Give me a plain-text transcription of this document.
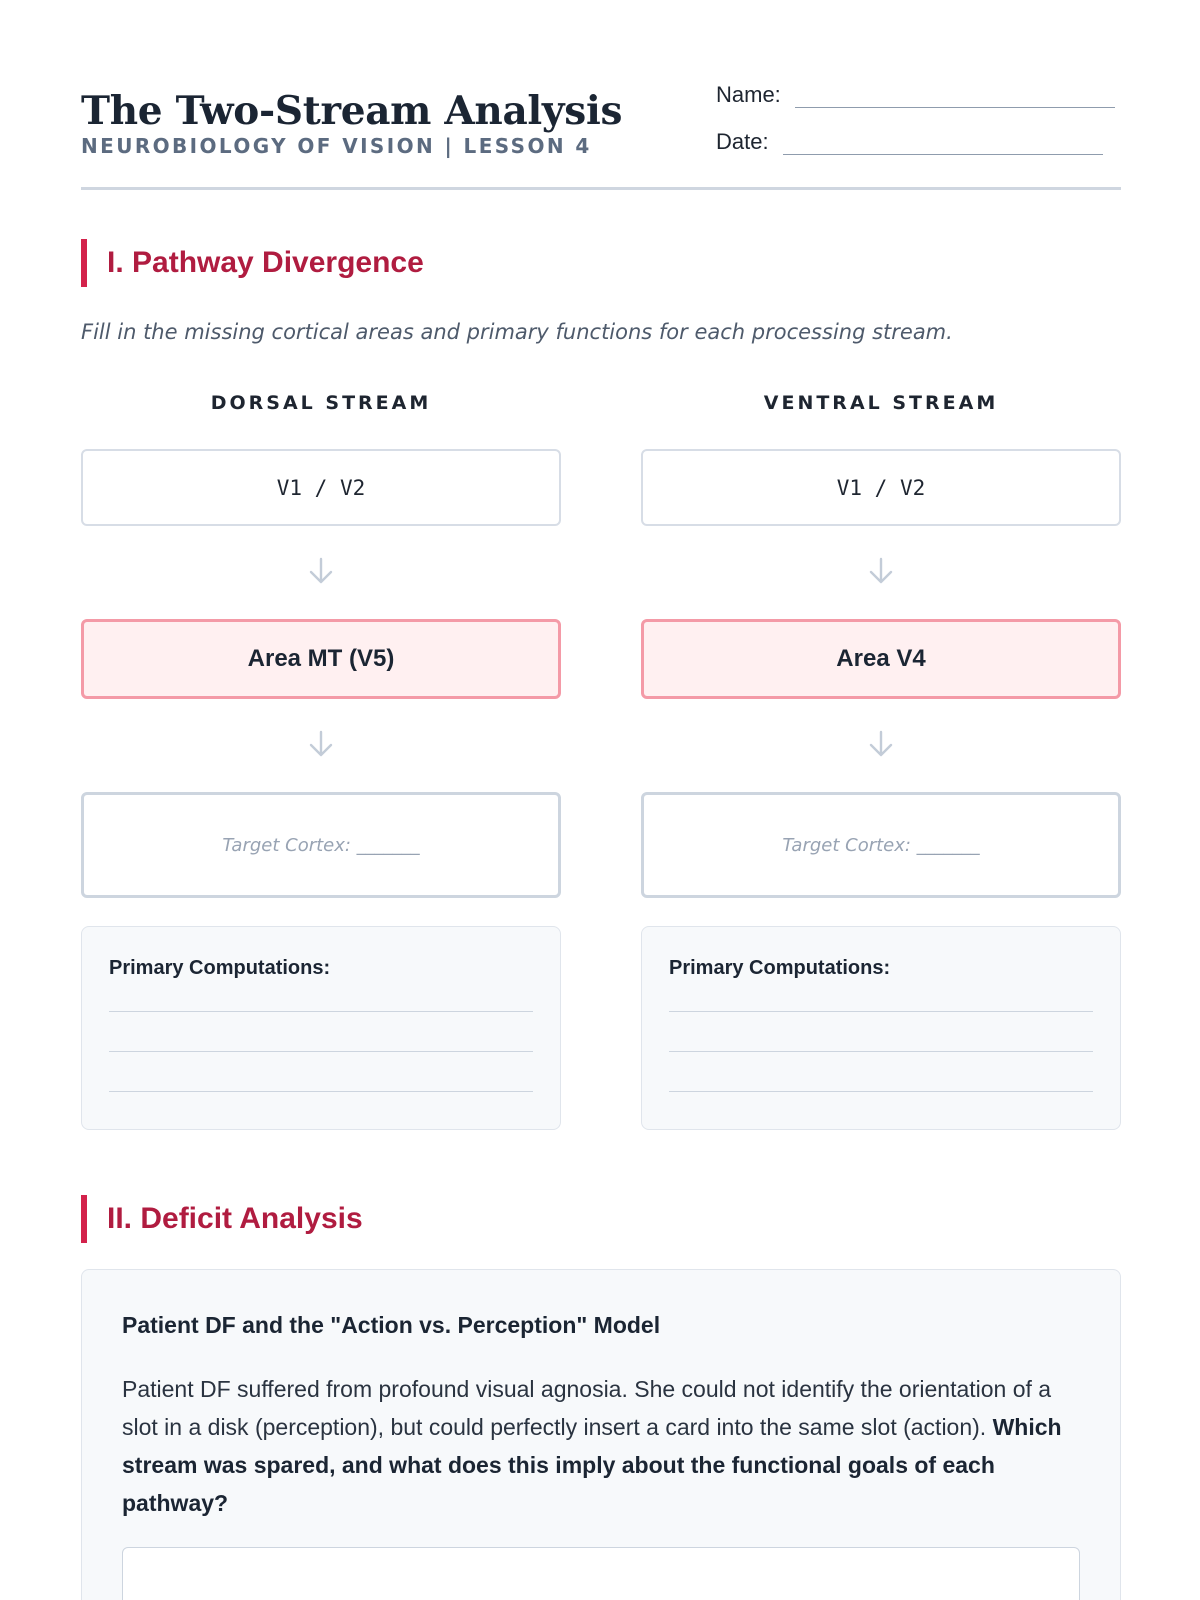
The Two-Stream Analysis
NEUROBIOLOGY OF VISION | LESSON 4
Name:
Date:
I. Pathway Divergence
Fill in the missing cortical areas and primary functions for each processing stream.
DORSAL STREAM
V1 / V2
Area MT (V5)
Target Cortex: _______
Primary Computations:
VENTRAL STREAM
V1 / V2
Area V4
Target Cortex: _______
Primary Computations:
II. Deficit Analysis
Patient DF and the "Action vs. Perception" Model
Patient DF suffered from profound visual agnosia. She could not identify the orientation of a slot in a disk (perception), but could perfectly insert a card into the same slot (action). Which stream was spared, and what does this imply about the functional goals of each pathway?
